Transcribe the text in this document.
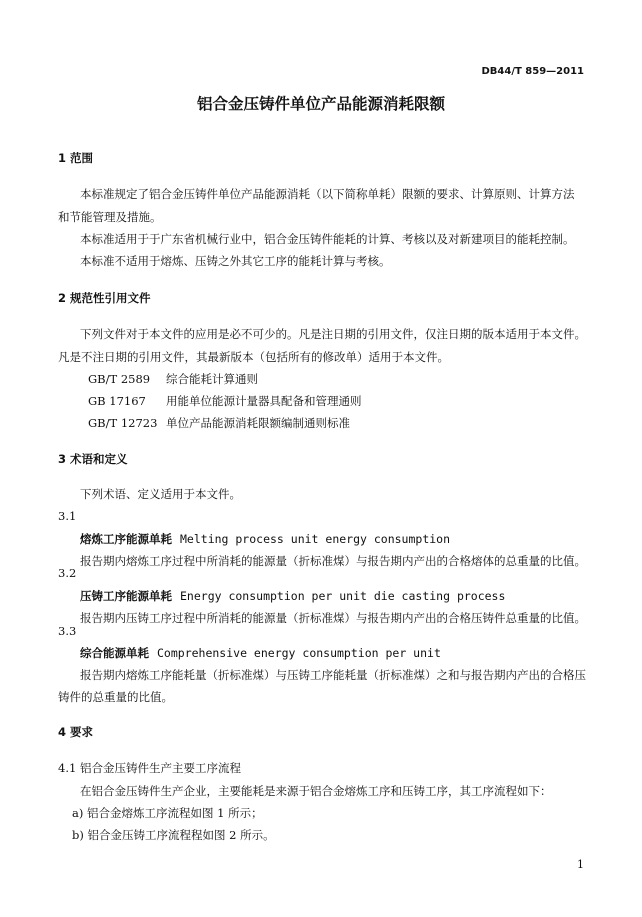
DB44/T 859—2011
铝合金压铸件单位产品能源消耗限额
1 范围
本标准规定了铝合金压铸件单位产品能源消耗（以下简称单耗）限额的要求、计算原则、计算方法
和节能管理及措施。
本标准适用于于广东省机械行业中，铝合金压铸件能耗的计算、考核以及对新建项目的能耗控制。
本标准不适用于熔炼、压铸之外其它工序的能耗计算与考核。
2 规范性引用文件
下列文件对于本文件的应用是必不可少的。凡是注日期的引用文件，仅注日期的版本适用于本文件。
凡是不注日期的引用文件，其最新版本（包括所有的修改单）适用于本文件。
GB/T 2589 综合能耗计算通则
GB 17167 用能单位能源计量器具配备和管理通则
GB/T 12723 单位产品能源消耗限额编制通则标准
3 术语和定义
下列术语、定义适用于本文件。
3.1
熔炼工序能源单耗 Melting process unit energy consumption
报告期内熔炼工序过程中所消耗的能源量（折标准煤）与报告期内产出的合格熔体的总重量的比值。
3.2
压铸工序能源单耗 Energy consumption per unit die casting process
报告期内压铸工序过程中所消耗的能源量（折标准煤）与报告期内产出的合格压铸件总重量的比值。
3.3
综合能源单耗 Comprehensive energy consumption per unit
报告期内熔炼工序能耗量（折标准煤）与压铸工序能耗量（折标准煤）之和与报告期内产出的合格压
铸件的总重量的比值。
4 要求
4.1 铝合金压铸件生产主要工序流程
在铝合金压铸件生产企业，主要能耗是来源于铝合金熔炼工序和压铸工序，其工序流程如下：
a) 铝合金熔炼工序流程如图 1 所示；
b) 铝合金压铸工序流程程如图 2 所示。
1
